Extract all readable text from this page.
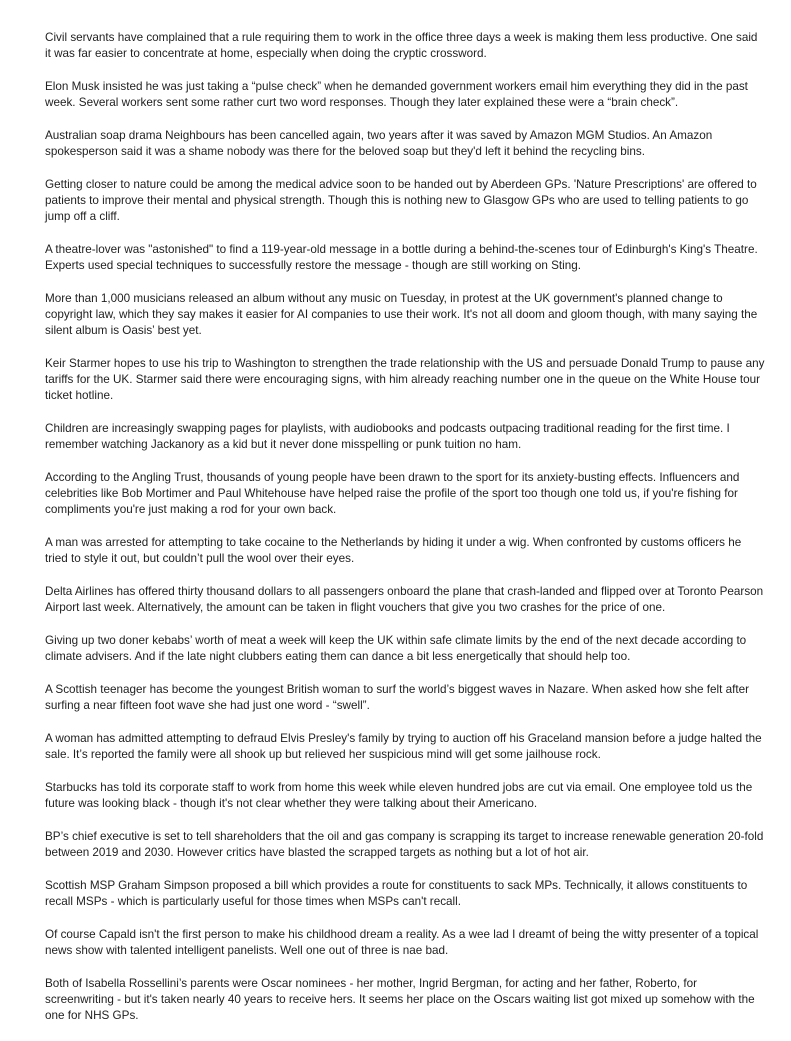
Civil servants have complained that a rule requiring them to work in the office three days a week is making them less productive. One said it was far easier to concentrate at home, especially when doing the cryptic crossword.

Elon Musk insisted he was just taking a “pulse check” when he demanded government workers email him everything they did in the past week. Several workers sent some rather curt two word responses. Though they later explained these were a “brain check”.

Australian soap drama Neighbours has been cancelled again, two years after it was saved by Amazon MGM Studios. An Amazon spokesperson said it was a shame nobody was there for the beloved soap but they'd left it behind the recycling bins.

Getting closer to nature could be among the medical advice soon to be handed out by Aberdeen GPs. 'Nature Prescriptions' are offered to patients to improve their mental and physical strength. Though this is nothing new to Glasgow GPs who are used to telling patients to go jump off a cliff.

A theatre-lover was "astonished" to find a 119-year-old message in a bottle during a behind-the-scenes tour of Edinburgh's King's Theatre. Experts used special techniques to successfully restore the message - though are still working on Sting.

More than 1,000 musicians released an album without any music on Tuesday, in protest at the UK government's planned change to copyright law, which they say makes it easier for AI companies to use their work. It's not all doom and gloom though, with many saying the silent album is Oasis’ best yet.

Keir Starmer hopes to use his trip to Washington to strengthen the trade relationship with the US and persuade Donald Trump to pause any tariffs for the UK. Starmer said there were encouraging signs, with him already reaching number one in the queue on the White House tour ticket hotline.

Children are increasingly swapping pages for playlists, with audiobooks and podcasts outpacing traditional reading for the first time. I remember watching Jackanory as a kid but it never done misspelling or punk tuition no ham.

According to the Angling Trust, thousands of young people have been drawn to the sport for its anxiety-busting effects. Influencers and celebrities like Bob Mortimer and Paul Whitehouse have helped raise the profile of the sport too though one told us, if you're fishing for compliments you're just making a rod for your own back.

A man was arrested for attempting to take cocaine to the Netherlands by hiding it under a wig. When confronted by customs officers he tried to style it out, but couldn’t pull the wool over their eyes.

Delta Airlines has offered thirty thousand dollars to all passengers onboard the plane that crash-landed and flipped over at Toronto Pearson Airport last week. Alternatively, the amount can be taken in flight vouchers that give you two crashes for the price of one.

Giving up two doner kebabs’ worth of meat a week will keep the UK within safe climate limits by the end of the next decade according to climate advisers. And if the late night clubbers eating them can dance a bit less energetically that should help too.

A Scottish teenager has become the youngest British woman to surf the world’s biggest waves in Nazare. When asked how she felt after surfing a near fifteen foot wave she had just one word - “swell”.

A woman has admitted attempting to defraud Elvis Presley's family by trying to auction off his Graceland mansion before a judge halted the sale. It’s reported the family were all shook up but relieved her suspicious mind will get some jailhouse rock.

Starbucks has told its corporate staff to work from home this week while eleven hundred jobs are cut via email. One employee told us the future was looking black - though it's not clear whether they were talking about their Americano.

BP’s chief executive is set to tell shareholders that the oil and gas company is scrapping its target to increase renewable generation 20-fold between 2019 and 2030. However critics have blasted the scrapped targets as nothing but a lot of hot air.

Scottish MSP Graham Simpson proposed a bill which provides a route for constituents to sack MPs. Technically, it allows constituents to recall MSPs - which is particularly useful for those times when MSPs can't recall.

Of course Capald isn't the first person to make his childhood dream a reality. As a wee lad I dreamt of being the witty presenter of a topical news show with talented intelligent panelists. Well one out of three is nae bad.

Both of Isabella Rossellini’s parents were Oscar nominees - her mother, Ingrid Bergman, for acting and her father, Roberto, for screenwriting - but it's taken nearly 40 years to receive hers. It seems her place on the Oscars waiting list got mixed up somehow with the one for NHS GPs.
